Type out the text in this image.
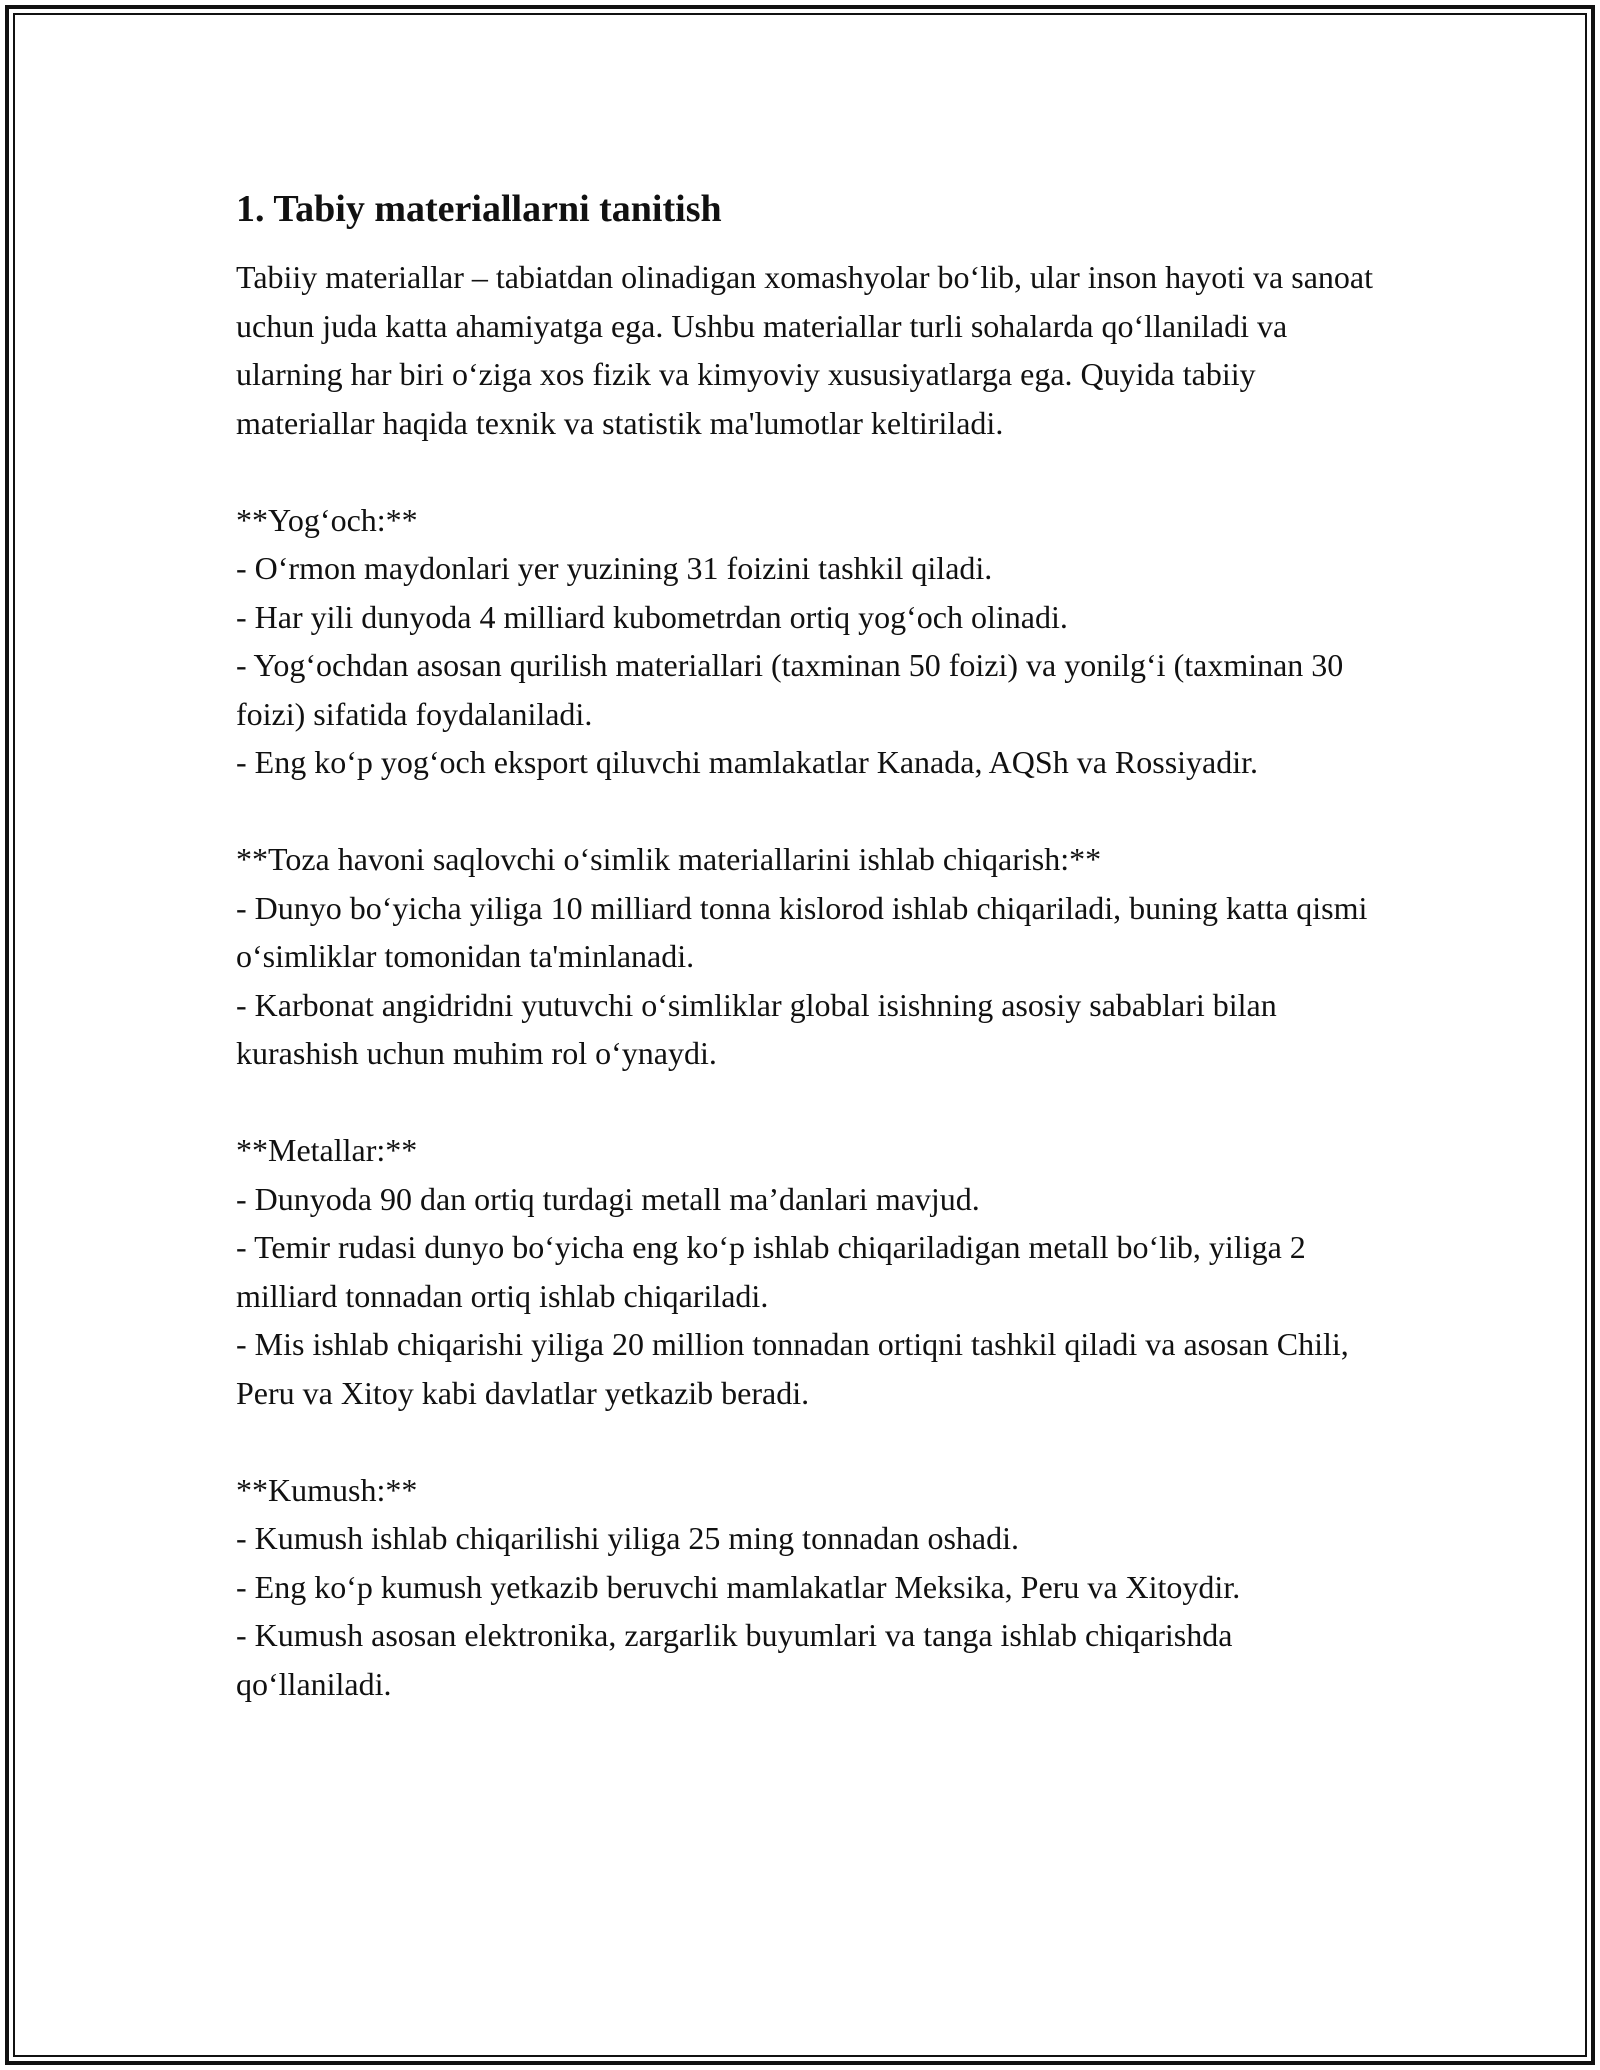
1. Tabiy materiallarni tanitish

Tabiiy materiallar – tabiatdan olinadigan xomashyolar bo‘lib, ular inson hayoti va sanoat uchun juda katta ahamiyatga ega. Ushbu materiallar turli sohalarda qo‘llaniladi va ularning har biri o‘ziga xos fizik va kimyoviy xususiyatlarga ega. Quyida tabiiy materiallar haqida texnik va statistik ma'lumotlar keltiriladi.

**Yog‘och:**

- O‘rmon maydonlari yer yuzining 31 foizini tashkil qiladi.

- Har yili dunyoda 4 milliard kubometrdan ortiq yog‘och olinadi.

- Yog‘ochdan asosan qurilish materiallari (taxminan 50 foizi) va yonilg‘i (taxminan 30 foizi) sifatida foydalaniladi.

- Eng ko‘p yog‘och eksport qiluvchi mamlakatlar Kanada, AQSh va Rossiyadir.

**Toza havoni saqlovchi o‘simlik materiallarini ishlab chiqarish:**

- Dunyo bo‘yicha yiliga 10 milliard tonna kislorod ishlab chiqariladi, buning katta qismi o‘simliklar tomonidan ta'minlanadi.

- Karbonat angidridni yutuvchi o‘simliklar global isishning asosiy sabablari bilan kurashish uchun muhim rol o‘ynaydi.

**Metallar:**

- Dunyoda 90 dan ortiq turdagi metall ma’danlari mavjud.

- Temir rudasi dunyo bo‘yicha eng ko‘p ishlab chiqariladigan metall bo‘lib, yiliga 2 milliard tonnadan ortiq ishlab chiqariladi.

- Mis ishlab chiqarishi yiliga 20 million tonnadan ortiqni tashkil qiladi va asosan Chili, Peru va Xitoy kabi davlatlar yetkazib beradi.

**Kumush:**

- Kumush ishlab chiqarilishi yiliga 25 ming tonnadan oshadi.

- Eng ko‘p kumush yetkazib beruvchi mamlakatlar Meksika, Peru va Xitoydir.

- Kumush asosan elektronika, zargarlik buyumlari va tanga ishlab chiqarishda qo‘llaniladi.
